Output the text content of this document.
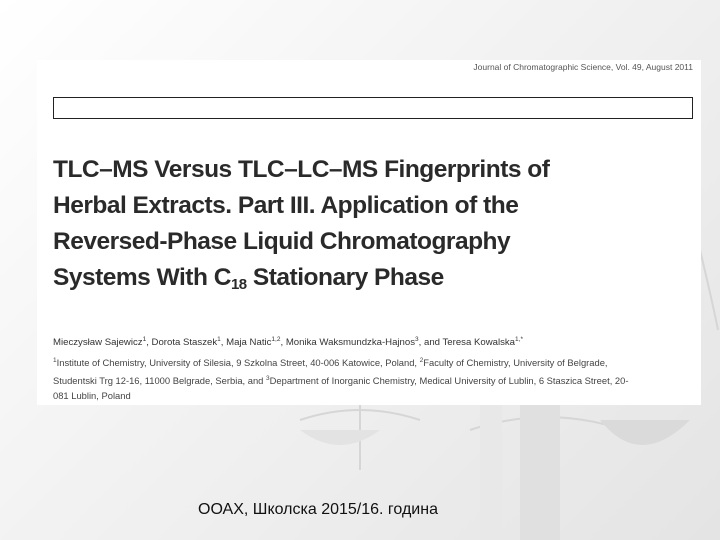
Journal of Chromatographic Science, Vol. 49, August 2011
TLC–MS Versus TLC–LC–MS Fingerprints of
Herbal Extracts. Part III. Application of the
Reversed-Phase Liquid Chromatography
Systems With $C_{18}$ Stationary Phase
Mieczysław Sajewicz$^1$, Dorota Staszek$^1$, Maja Natic$^{1,2}$, Monika Waksmundzka-Hajnos$^3$, and Teresa Kowalska$^{1,*}$
$^1$Institute of Chemistry, University of Silesia, 9 Szkolna Street, 40-006 Katowice, Poland, $^2$Faculty of Chemistry, University of Belgrade,
Studentski Trg 12-16, 11000 Belgrade, Serbia, and $^3$Department of Inorganic Chemistry, Medical University of Lublin, 6 Staszica Street, 20-
081 Lublin, Poland
ООАХ, Школска 2015/16. година
